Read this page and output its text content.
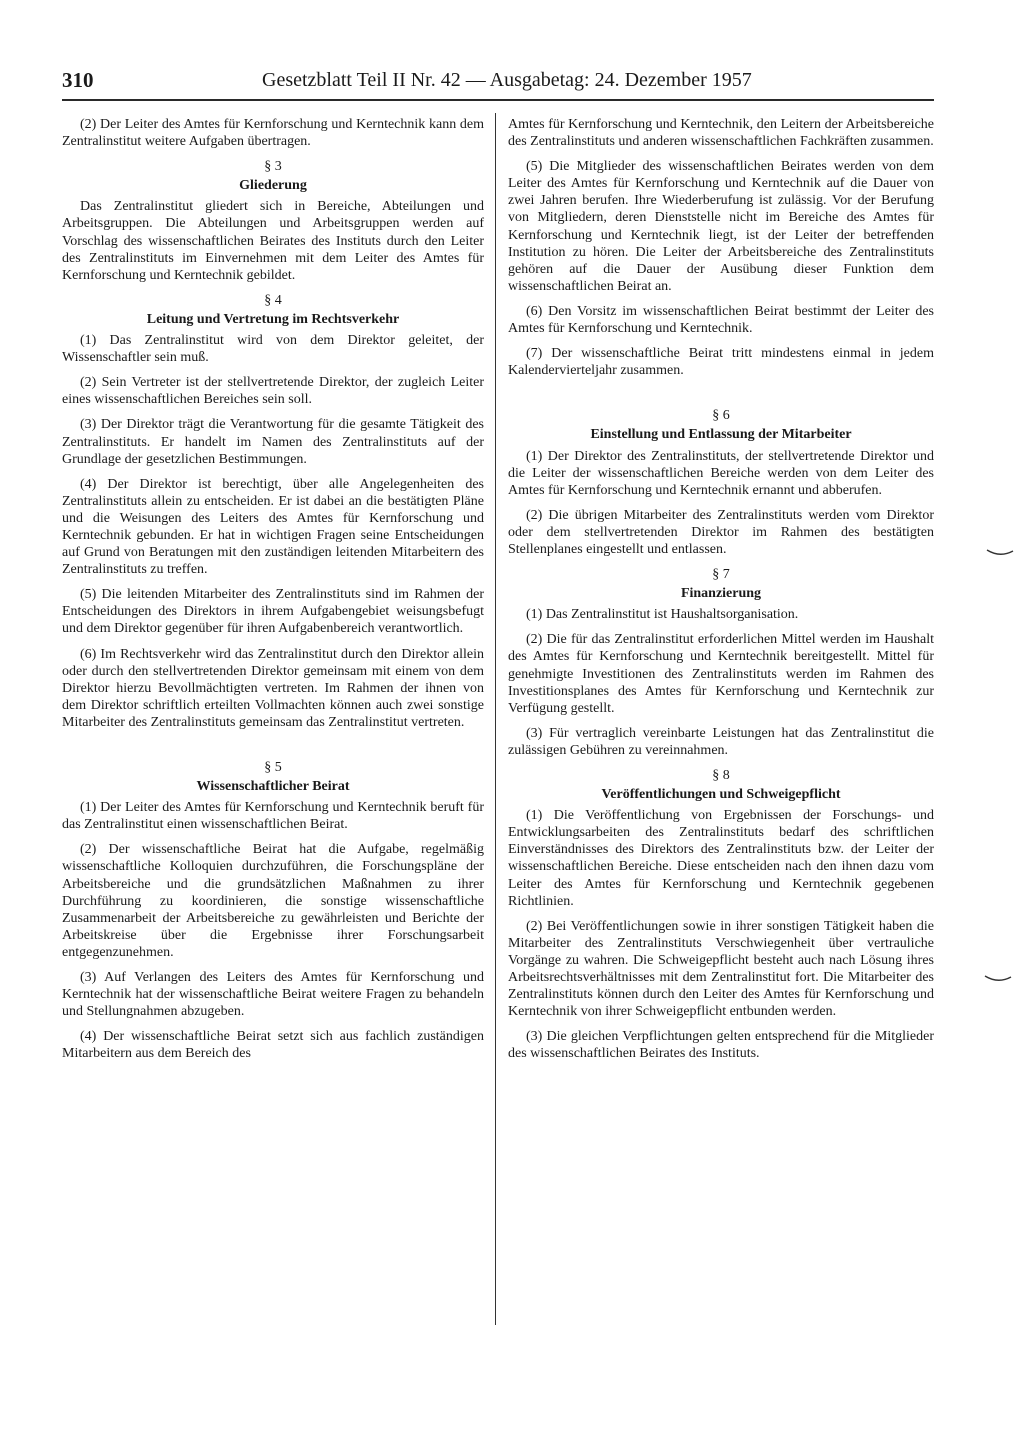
310	Gesetzblatt Teil II Nr. 42 — Ausgabetag: 24. Dezember 1957

(2) Der Leiter des Amtes für Kernforschung und Kerntechnik kann dem Zentralinstitut weitere Aufgaben übertragen.

§ 3
Gliederung

Das Zentralinstitut gliedert sich in Bereiche, Abteilungen und Arbeitsgruppen. Die Abteilungen und Arbeitsgruppen werden auf Vorschlag des wissenschaftlichen Beirates des Instituts durch den Leiter des Zentralinstituts im Einvernehmen mit dem Leiter des Amtes für Kernforschung und Kerntechnik gebildet.

§ 4
Leitung und Vertretung im Rechtsverkehr

(1) Das Zentralinstitut wird von dem Direktor geleitet, der Wissenschaftler sein muß.

(2) Sein Vertreter ist der stellvertretende Direktor, der zugleich Leiter eines wissenschaftlichen Bereiches sein soll.

(3) Der Direktor trägt die Verantwortung für die gesamte Tätigkeit des Zentralinstituts. Er handelt im Namen des Zentralinstituts auf der Grundlage der gesetzlichen Bestimmungen.

(4) Der Direktor ist berechtigt, über alle Angelegenheiten des Zentralinstituts allein zu entscheiden. Er ist dabei an die bestätigten Pläne und die Weisungen des Leiters des Amtes für Kernforschung und Kerntechnik gebunden. Er hat in wichtigen Fragen seine Entscheidungen auf Grund von Beratungen mit den zuständigen leitenden Mitarbeitern des Zentralinstituts zu treffen.

(5) Die leitenden Mitarbeiter des Zentralinstituts sind im Rahmen der Entscheidungen des Direktors in ihrem Aufgabengebiet weisungsbefugt und dem Direktor gegenüber für ihren Aufgabenbereich verantwortlich.

(6) Im Rechtsverkehr wird das Zentralinstitut durch den Direktor allein oder durch den stellvertretenden Direktor gemeinsam mit einem von dem Direktor hierzu Bevollmächtigten vertreten. Im Rahmen der ihnen von dem Direktor schriftlich erteilten Vollmachten können auch zwei sonstige Mitarbeiter des Zentralinstituts gemeinsam das Zentralinstitut vertreten.

§ 5
Wissenschaftlicher Beirat

(1) Der Leiter des Amtes für Kernforschung und Kerntechnik beruft für das Zentralinstitut einen wissenschaftlichen Beirat.

(2) Der wissenschaftliche Beirat hat die Aufgabe, regelmäßig wissenschaftliche Kolloquien durchzuführen, die Forschungspläne der Arbeitsbereiche und die grundsätzlichen Maßnahmen zu ihrer Durchführung zu koordinieren, die sonstige wissenschaftliche Zusammenarbeit der Arbeitsbereiche zu gewährleisten und Berichte der Arbeitskreise über die Ergebnisse ihrer Forschungsarbeit entgegenzunehmen.

(3) Auf Verlangen des Leiters des Amtes für Kernforschung und Kerntechnik hat der wissenschaftliche Beirat weitere Fragen zu behandeln und Stellungnahmen abzugeben.

(4) Der wissenschaftliche Beirat setzt sich aus fachlich zuständigen Mitarbeitern aus dem Bereich des

Amtes für Kernforschung und Kerntechnik, den Leitern der Arbeitsbereiche des Zentralinstituts und anderen wissenschaftlichen Fachkräften zusammen.

(5) Die Mitglieder des wissenschaftlichen Beirates werden von dem Leiter des Amtes für Kernforschung und Kerntechnik auf die Dauer von zwei Jahren berufen. Ihre Wiederberufung ist zulässig. Vor der Berufung von Mitgliedern, deren Dienststelle nicht im Bereiche des Amtes für Kernforschung und Kerntechnik liegt, ist der Leiter der betreffenden Institution zu hören. Die Leiter der Arbeitsbereiche des Zentralinstituts gehören auf die Dauer der Ausübung dieser Funktion dem wissenschaftlichen Beirat an.

(6) Den Vorsitz im wissenschaftlichen Beirat bestimmt der Leiter des Amtes für Kernforschung und Kerntechnik.

(7) Der wissenschaftliche Beirat tritt mindestens einmal in jedem Kalendervierteljahr zusammen.

§ 6
Einstellung und Entlassung der Mitarbeiter

(1) Der Direktor des Zentralinstituts, der stellvertretende Direktor und die Leiter der wissenschaftlichen Bereiche werden von dem Leiter des Amtes für Kernforschung und Kerntechnik ernannt und abberufen.

(2) Die übrigen Mitarbeiter des Zentralinstituts werden vom Direktor oder dem stellvertretenden Direktor im Rahmen des bestätigten Stellenplanes eingestellt und entlassen.

§ 7
Finanzierung

(1) Das Zentralinstitut ist Haushaltsorganisation.

(2) Die für das Zentralinstitut erforderlichen Mittel werden im Haushalt des Amtes für Kernforschung und Kerntechnik bereitgestellt. Mittel für genehmigte Investitionen des Zentralinstituts werden im Rahmen des Investitionsplanes des Amtes für Kernforschung und Kerntechnik zur Verfügung gestellt.

(3) Für vertraglich vereinbarte Leistungen hat das Zentralinstitut die zulässigen Gebühren zu vereinnahmen.

§ 8
Veröffentlichungen und Schweigepflicht

(1) Die Veröffentlichung von Ergebnissen der Forschungs- und Entwicklungsarbeiten des Zentralinstituts bedarf des schriftlichen Einverständnisses des Direktors des Zentralinstituts bzw. der Leiter der wissenschaftlichen Bereiche. Diese entscheiden nach den ihnen dazu vom Leiter des Amtes für Kernforschung und Kerntechnik gegebenen Richtlinien.

(2) Bei Veröffentlichungen sowie in ihrer sonstigen Tätigkeit haben die Mitarbeiter des Zentralinstituts Verschwiegenheit über vertrauliche Vorgänge zu wahren. Die Schweigepflicht besteht auch nach Lösung ihres Arbeitsrechtsverhältnisses mit dem Zentralinstitut fort. Die Mitarbeiter des Zentralinstituts können durch den Leiter des Amtes für Kernforschung und Kerntechnik von ihrer Schweigepflicht entbunden werden.

(3) Die gleichen Verpflichtungen gelten entsprechend für die Mitglieder des wissenschaftlichen Beirates des Instituts.
